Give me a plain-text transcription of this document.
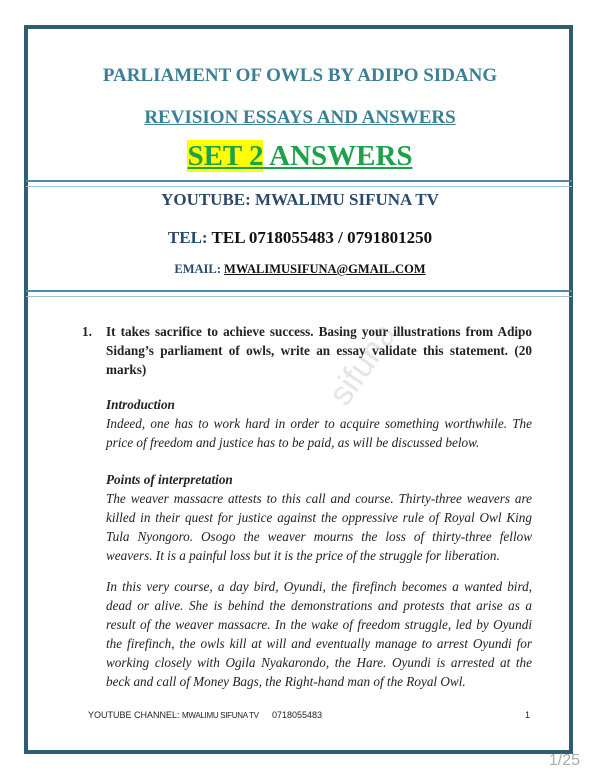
PARLIAMENT OF OWLS BY ADIPO SIDANG
REVISION ESSAYS AND ANSWERS
SET 2 ANSWERS
YOUTUBE: MWALIMU SIFUNA TV
TEL: TEL 0718055483 / 0791801250
EMAIL: MWALIMUSIFUNA@GMAIL.COM
sifuna
1.	It takes sacrifice to achieve success. Basing your illustrations from Adipo Sidang’s parliament of owls, write an essay validate this statement. (20 marks)
Introduction
Indeed, one has to work hard in order to acquire something worthwhile. The price of freedom and justice has to be paid, as will be discussed below.
Points of interpretation
The weaver massacre attests to this call and course. Thirty-three weavers are killed in their quest for justice against the oppressive rule of Royal Owl King Tula Nyongoro. Osogo the weaver mourns the loss of thirty-three fellow weavers. It is a painful loss but it is the price of the struggle for liberation.
In this very course, a day bird, Oyundi, the firefinch becomes a wanted bird, dead or alive. She is behind the demonstrations and protests that arise as a result of the weaver massacre. In the wake of freedom struggle, led by Oyundi the firefinch, the owls kill at will and eventually manage to arrest Oyundi for working closely with Ogila Nyakarondo, the Hare. Oyundi is arrested at the beck and call of Money Bags, the Right-hand man of the Royal Owl.
YOUTUBE CHANNEL: MWALIMU SIFUNA TV 0718055483	1
1/25
